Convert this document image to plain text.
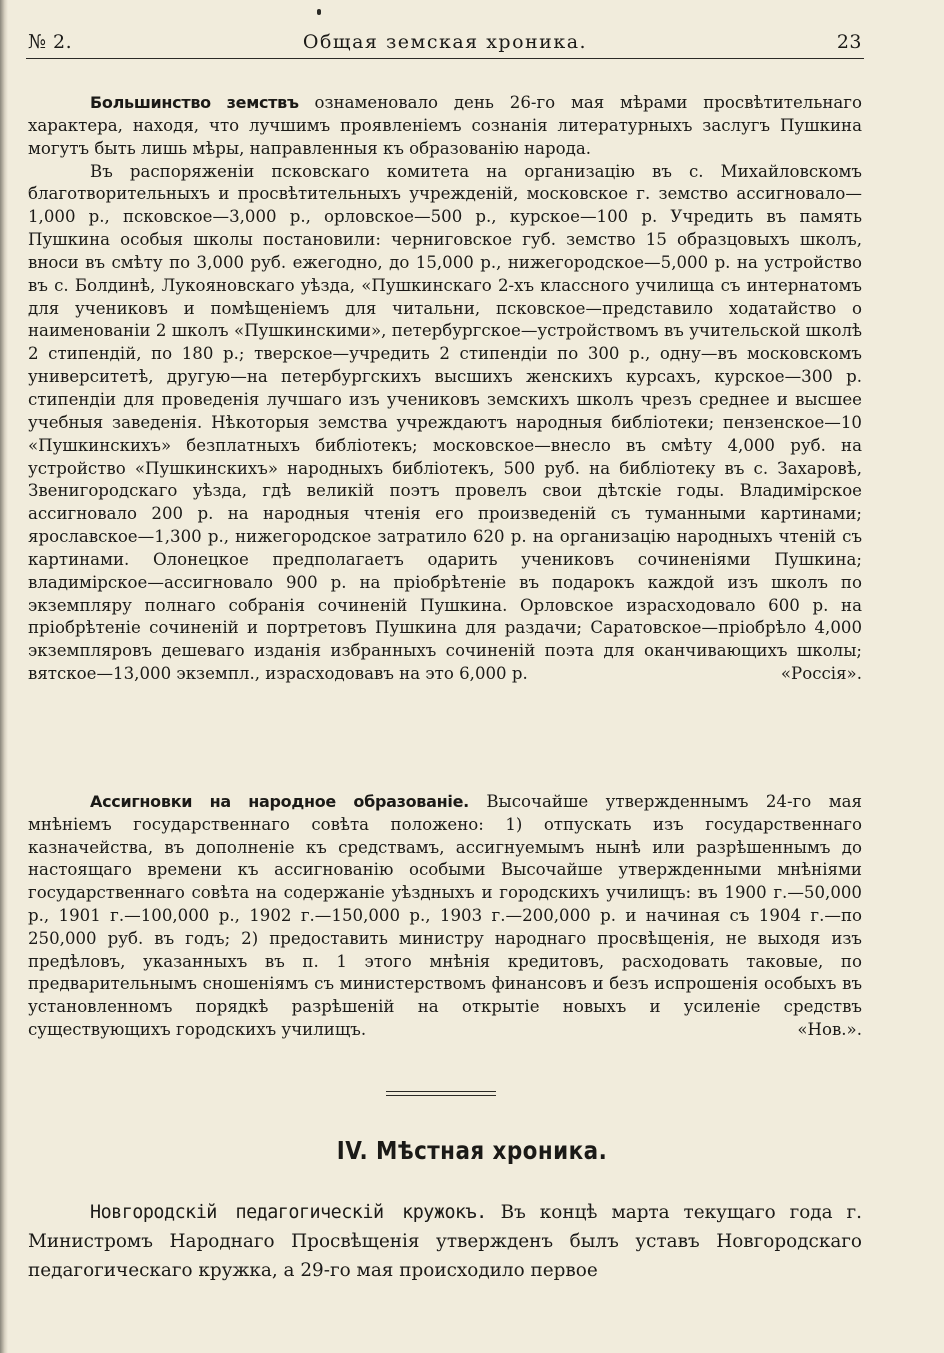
№ 2.	Общая земская хроника.	23

Большинство земствъ ознаменовало день 26-го мая мѣрами просвѣтительнаго характера, находя, что лучшимъ проявленіемъ сознанія литературныхъ заслугъ Пушкина могутъ быть лишь мѣры, направленныя къ образованію народа.

Въ распоряженіи псковскаго комитета на организацію въ с. Михайловскомъ благотворительныхъ и просвѣтительныхъ учрежденій, московское г. земство ассигновало—1,000 р., псковское—3,000 р., орловское—500 р., курское—100 р. Учредить въ память Пушкина особыя школы постановили: черниговское губ. земство 15 образцовыхъ школъ, вноси въ смѣту по 3,000 руб. ежегодно, до 15,000 р., нижегородское—5,000 р. на устройство въ с. Болдинѣ, Лукояновскаго уѣзда, «Пушкинскаго 2-хъ классного училища съ интернатомъ для учениковъ и помѣщеніемъ для читальни, псковское—представило ходатайство о наименованіи 2 школъ «Пушкинскими», петербургское—устройствомъ въ учительской школѣ 2 стипендій, по 180 р.; тверское—учредить 2 стипендіи по 300 р., одну—въ московскомъ университетѣ, другую—на петербургскихъ высшихъ женскихъ курсахъ, курское—300 р. стипендіи для проведенія лучшаго изъ учениковъ земскихъ школъ чрезъ среднее и высшее учебныя заведенія. Нѣкоторыя земства учреждаютъ народныя библіотеки; пензенское—10 «Пушкинскихъ» безплатныхъ библіотекъ; московское—внесло въ смѣту 4,000 руб. на устройство «Пушкинскихъ» народныхъ библіотекъ, 500 руб. на библіотеку въ с. Захаровѣ, Звенигородскаго уѣзда, гдѣ великій поэтъ провелъ свои дѣтскіе годы. Владимірское ассигновало 200 р. на народныя чтенія его произведеній съ туманными картинами; ярославское—1,300 р., нижегородское затратило 620 р. на организацію народныхъ чтеній съ картинами. Олонецкое предполагаетъ одарить учениковъ сочиненіями Пушкина; владимірское—ассигновало 900 р. на пріобрѣтеніе въ подарокъ каждой изъ школъ по экземпляру полнаго собранія сочиненій Пушкина. Орловское израсходовало 600 р. на пріобрѣтеніе сочиненій и портретовъ Пушкина для раздачи; Саратовское—пріобрѣло 4,000 экземпляровъ дешеваго изданія избранныхъ сочиненій поэта для оканчивающихъ школы; вятское—13,000 экземпл., израсходовавъ на это 6,000 р.	«Россія».

Ассигновки на народное образованіе. Высочайше утвержденнымъ 24-го мая мнѣніемъ государственнаго совѣта положено: 1) отпускать изъ государственнаго казначейства, въ дополненіе къ средствамъ, ассигнуемымъ нынѣ или разрѣшеннымъ до настоящаго времени къ ассигнованію особыми Высочайше утвержденными мнѣніями государственнаго совѣта на содержаніе уѣздныхъ и городскихъ училищъ: въ 1900 г.—50,000 р., 1901 г.—100,000 р., 1902 г.—150,000 р., 1903 г.—200,000 р. и начиная съ 1904 г.—по 250,000 руб. въ годъ; 2) предоставить министру народнаго просвѣщенія, не выходя изъ предѣловъ, указанныхъ въ п. 1 этого мнѣнія кредитовъ, расходовать таковые, по предварительнымъ сношеніямъ съ министерствомъ финансовъ и безъ испрошенія особыхъ въ установленномъ порядкѣ разрѣшеній на открытіе новыхъ и усиленіе средствъ существующихъ городскихъ училищъ.	«Нов.».

IV. Мѣстная хроника.

Новгородскій педагогическій кружокъ. Въ концѣ марта текущаго года г. Министромъ Народнаго Просвѣщенія утвержденъ былъ уставъ Новгородскаго педагогическаго кружка, а 29-го мая происходило первое
